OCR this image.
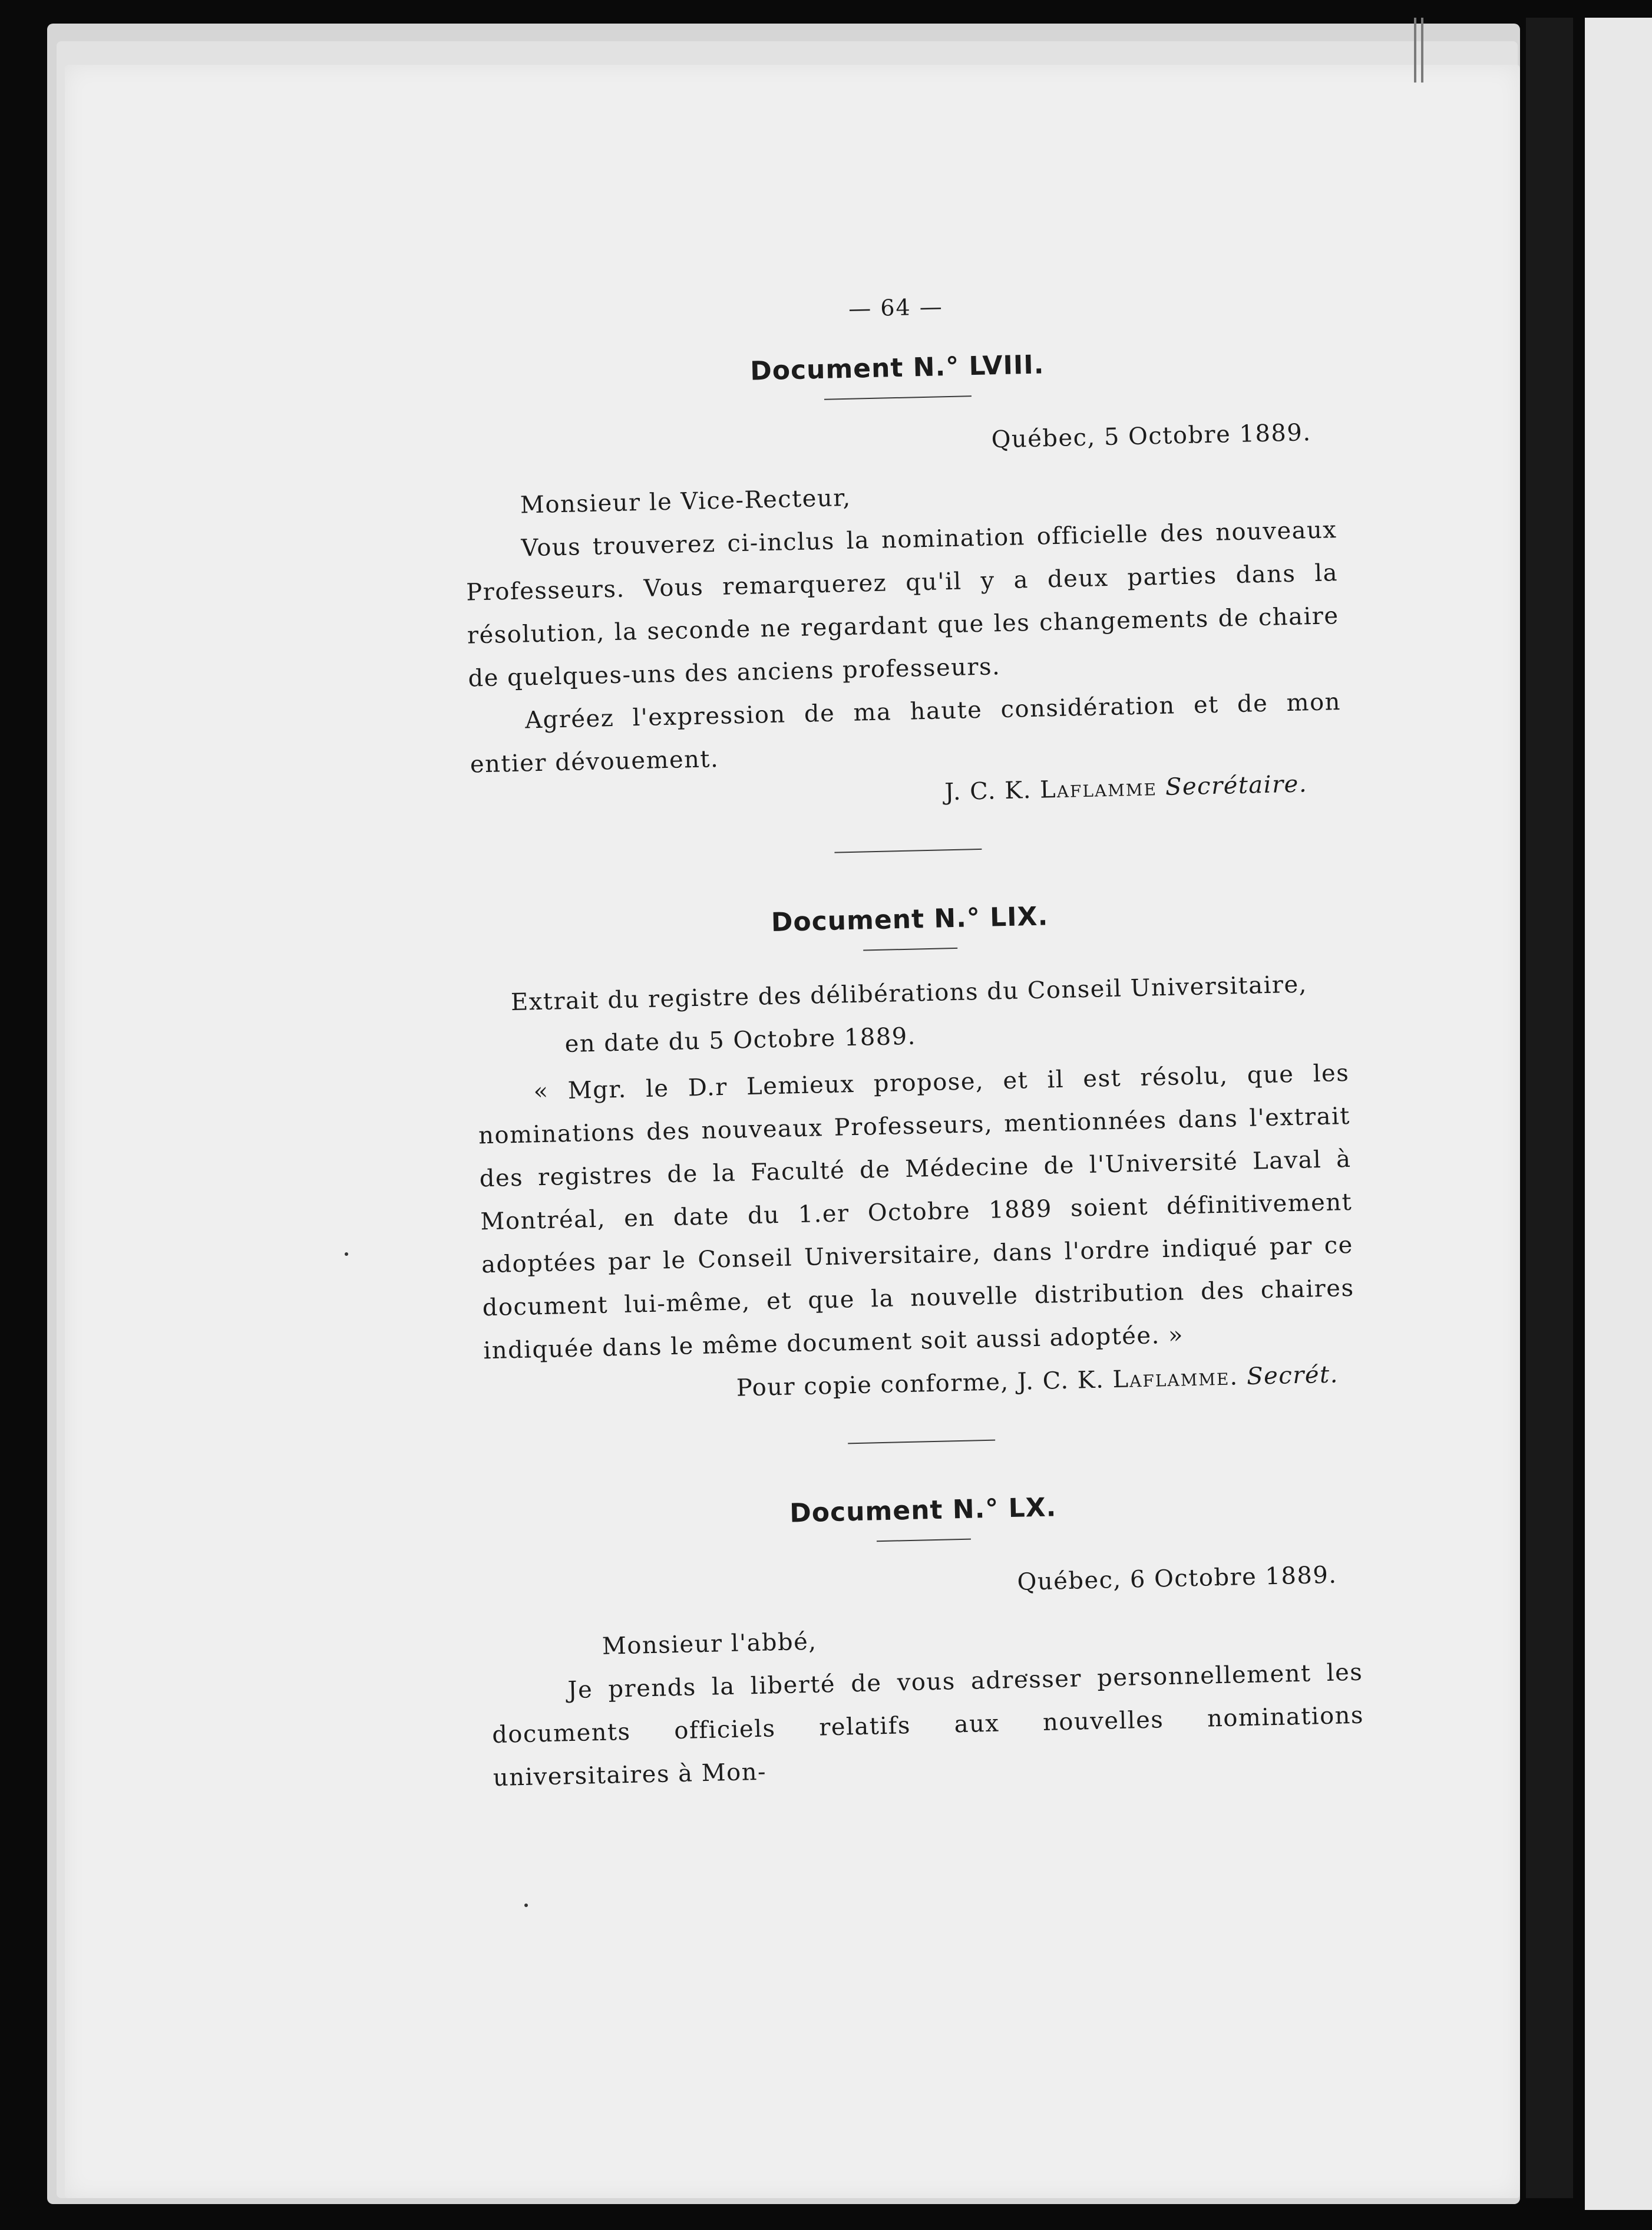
— 64 —

Document N.° LVIII.

Québec, 5 Octobre 1889.

Monsieur le Vice-Recteur,

Vous trouverez ci-inclus la nomination officielle des nouveaux Professeurs. Vous remarquerez qu'il y a deux parties dans la résolution, la seconde ne regardant que les changements de chaire de quelques-uns des anciens professeurs.

Agréez l'expression de ma haute considération et de mon entier dévouement.

J. C. K. Laflamme Secrétaire.

Document N.° LIX.

Extrait du registre des délibérations du Conseil Universitaire,

en date du 5 Octobre 1889.

« Mgr. le D.r Lemieux propose, et il est résolu, que les nominations des nouveaux Professeurs, mentionnées dans l'extrait des registres de la Faculté de Médecine de l'Université Laval à Montréal, en date du 1.er Octobre 1889 soient définitivement adoptées par le Conseil Universitaire, dans l'ordre indiqué par ce document lui-même, et que la nouvelle distribution des chaires indiquée dans le même document soit aussi adoptée. »

Pour copie conforme, J. C. K. Laflamme. Secrét.

Document N.° LX.

Québec, 6 Octobre 1889.

Monsieur l'abbé,

Je prends la liberté de vous adresser personnellement les documents officiels relatifs aux nouvelles nominations universitaires à Mon-
